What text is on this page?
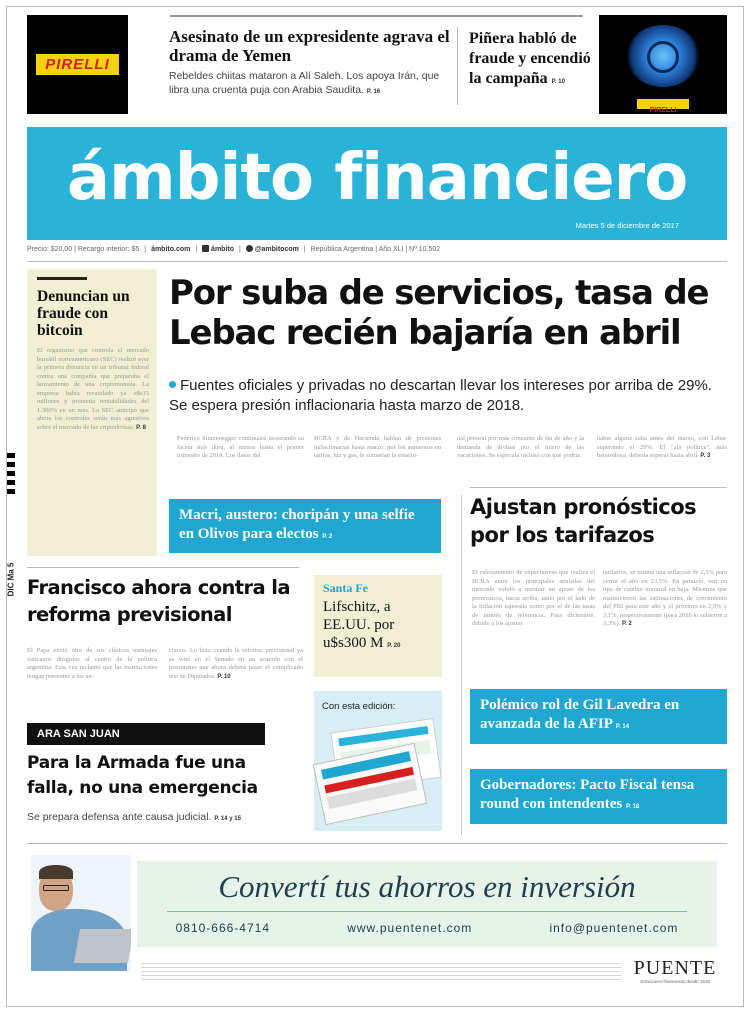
PIRELLI
Asesinato de un expresidente agrava el drama de Yemen
Rebeldes chiitas mataron a Alí Saleh. Los apoya Irán, que libra una cruenta puja con Arabia Saudita. P. 16
Piñera habló de fraude y encendió la campaña P. 10
PIRELLI
ámbito financiero
Martes 5 de diciembre de 2017
Precio: $20,00 | Recargo interior: $5 | ámbito.com | ámbito | @ambitocom | República Argentina | Año XLI | Nº 10.502
DIC Ma 5
Denuncian un fraude con bitcoin
El organismo que controla el mercado bursátil norteamericano (SEC) realizó ayer la primera denuncia en un tribunal federal contra una compañía que preparaba el lanzamiento de una criptomoneda. La empresa había recaudado ya u$s15 millones y prometía rentabilidades del 1.300% en un mes. La SEC anticipó que ahora los controles serán más agresivos sobre el mercado de las criptodivisas. P. 8
Por suba de servicios, tasa de Lebac recién bajaría en abril
Fuentes oficiales y privadas no descartan llevar los intereses por arriba de 29%. Se espera presión inflacionaria hasta marzo de 2018.
Federico Sturzenegger continuará mostrando su faceta más dura, al menos hasta el primer trimestre de 2018. Los datos del
BCRA y de Hacienda hablan de presiones inflacionarias hasta marzo, por los aumentos en tarifas, luz y gas, le sumarían la estacio-
nal presión por más consumo de fin de año y la demanda de divisas por el inicio de las vacaciones. Se especula incluso con que podría
haber alguna suba antes del marzo, con Lebac superando el 29%. El "ala política", más heterodoxa, debería esperar hasta abril. P. 3
Macri, austero: choripán y una selfie en Olivos para electos P. 2
Ajustan pronósticos por los tarifazos
El relevamiento de expectativas que realiza el BCRA entre los principales analistas del mercado volvió a mostrar un ajuste de los pronósticos, hacia arriba, tanto por el lado de la inflación esperada como por el de las tasas de interés de referencia. Para diciembre, debido a los ajustes
tarifarios, se estima una inflación de 2,3% para cerrar el año en 23,5%. En paralelo, ven un tipo de cambio nominal en baja. Mientras que mantuvieron las estimaciones de crecimiento del PBI para este año y el próximo en 2,9% y 3,1%, respectivamente (para 2019 lo subieron a 3,3%). P. 2
Francisco ahora contra la reforma previsional
El Papa envió otro de sus clásicos mensajes vaticanos dirigidos al centro de la política argentina. Esta vez reclamó que las instituciones tengan presentes a los an-
cianos. Lo hizo cuando la reforma previsional ya se votó en el Senado en un acuerdo con el peronismo que ahora deberá pasar el complicado test de Diputados. P. 10
Santa Fe
Lifschitz, a EE.UU. por u$s300 M P. 20
Con esta edición:
ARA SAN JUAN
Para la Armada fue una falla, no una emergencia
Se prepara defensa ante causa judicial. P. 14 y 15
Polémico rol de Gil Lavedra en avanzada de la AFIP P. 14
Gobernadores: Pacto Fiscal tensa round con intendentes P. 18
Convertí tus ahorros en inversión
0810-666-4714	www.puentenet.com	info@puentenet.com
PUENTE
Soluciones financieras desde 1915
